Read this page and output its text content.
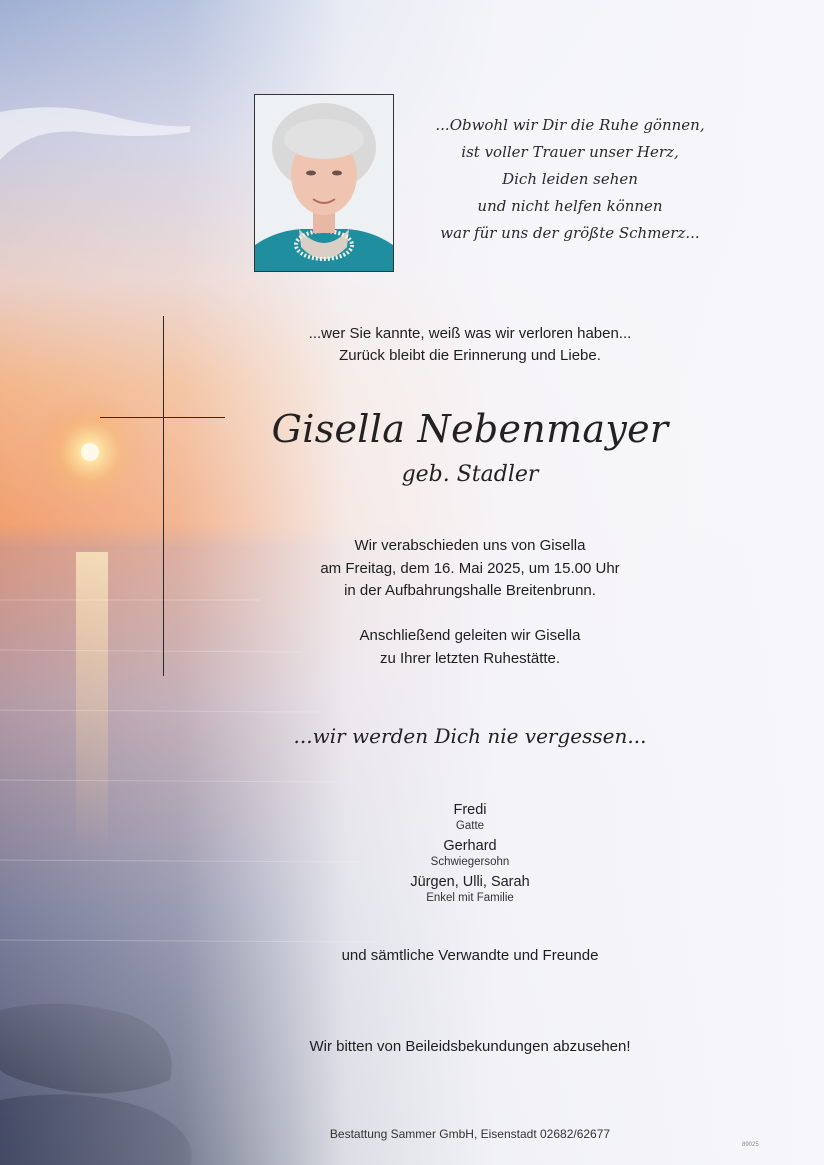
...Obwohl wir Dir die Ruhe gönnen,
ist voller Trauer unser Herz,
Dich leiden sehen
und nicht helfen können
war für uns der größte Schmerz...
...wer Sie kannte, weiß was wir verloren haben...
Zurück bleibt die Erinnerung und Liebe.
Gisella Nebenmayer
geb. Stadler
Wir verabschieden uns von Gisella
am Freitag, dem 16. Mai 2025, um 15.00 Uhr
in der Aufbahrungshalle Breitenbrunn.
Anschließend geleiten wir Gisella
zu Ihrer letzten Ruhestätte.
...wir werden Dich nie vergessen...
Fredi
Gatte
Gerhard
Schwiegersohn
Jürgen, Ulli, Sarah
Enkel mit Familie
und sämtliche Verwandte und Freunde
Wir bitten von Beileidsbekundungen abzusehen!
Bestattung Sammer GmbH, Eisenstadt 02682/62677
89025
